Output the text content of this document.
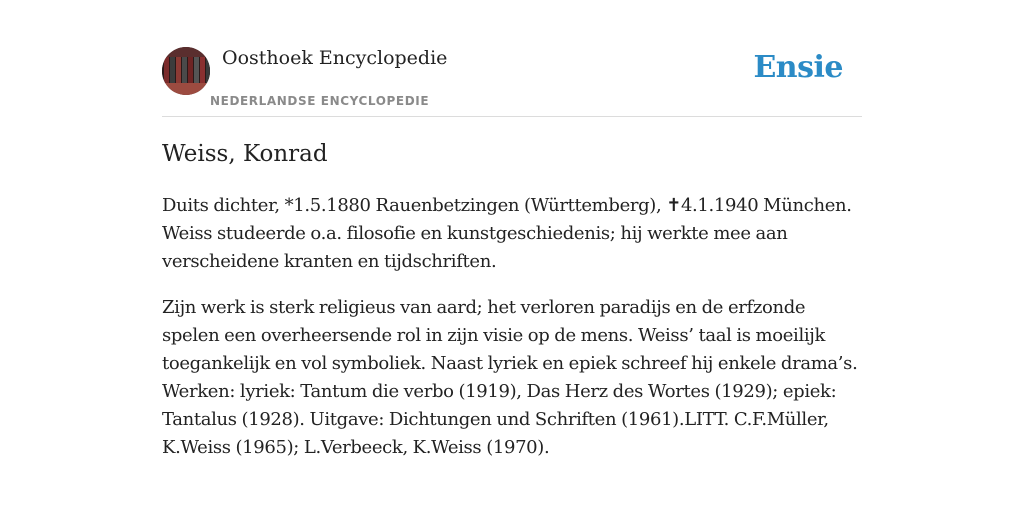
Oosthoek Encyclopedie
NEDERLANDSE ENCYCLOPEDIE
Ensie
Weiss, Konrad

Duits dichter, *1.5.1880 Rauenbetzingen (Württemberg), ✝4.1.1940 München. Weiss studeerde o.a. filosofie en kunstgeschiedenis; hij werkte mee aan verscheidene kranten en tijdschriften.

Zijn werk is sterk religieus van aard; het verloren paradijs en de erfzonde spelen een overheersende rol in zijn visie op de mens. Weiss’ taal is moeilijk toegankelijk en vol symboliek. Naast lyriek en epiek schreef hij enkele drama’s. Werken: lyriek: Tantum die verbo (1919), Das Herz des Wortes (1929); epiek: Tantalus (1928). Uitgave: Dichtungen und Schriften (1961).LITT. C.F.Müller, K.Weiss (1965); L.Verbeeck, K.Weiss (1970).
